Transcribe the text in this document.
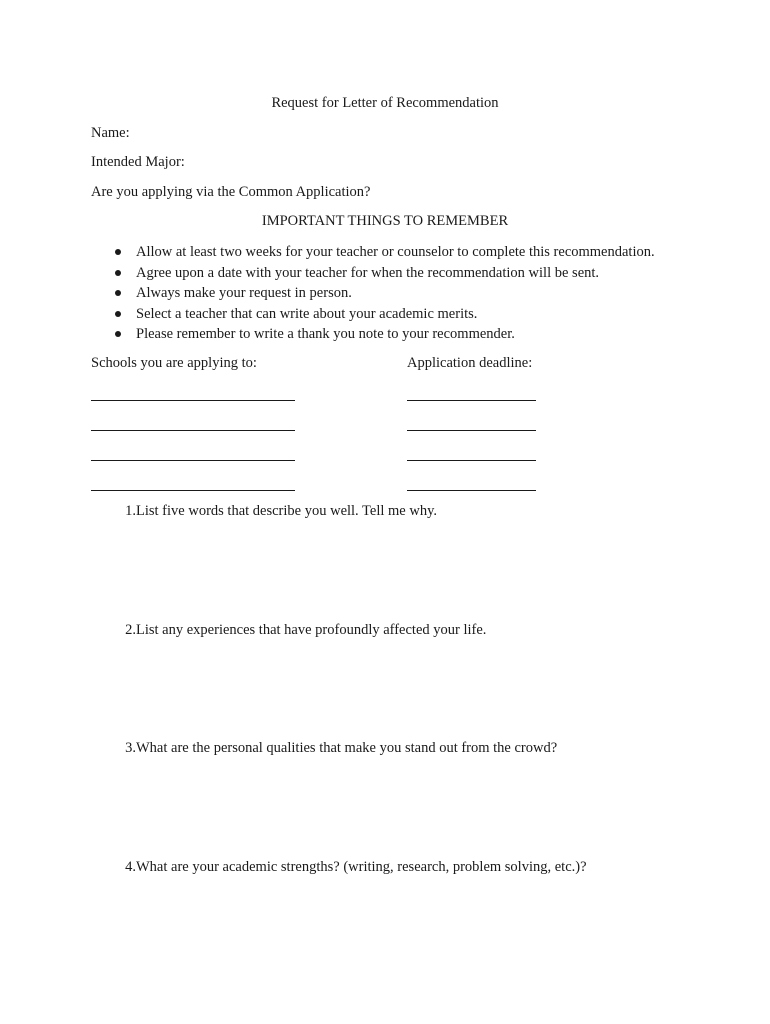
Request for Letter of Recommendation
Name:
Intended Major:
Are you applying via the Common Application?
IMPORTANT THINGS TO REMEMBER
Allow at least two weeks for your teacher or counselor to complete this recommendation.
Agree upon a date with your teacher for when the recommendation will be sent.
Always make your request in person.
Select a teacher that can write about your academic merits.
Please remember to write a thank you note to your recommender.
Schools you are applying to:	Application deadline:
1.List five words that describe you well. Tell me why.
2.List any experiences that have profoundly affected your life.
3.What are the personal qualities that make you stand out from the crowd?
4.What are your academic strengths? (writing, research, problem solving, etc.)?
